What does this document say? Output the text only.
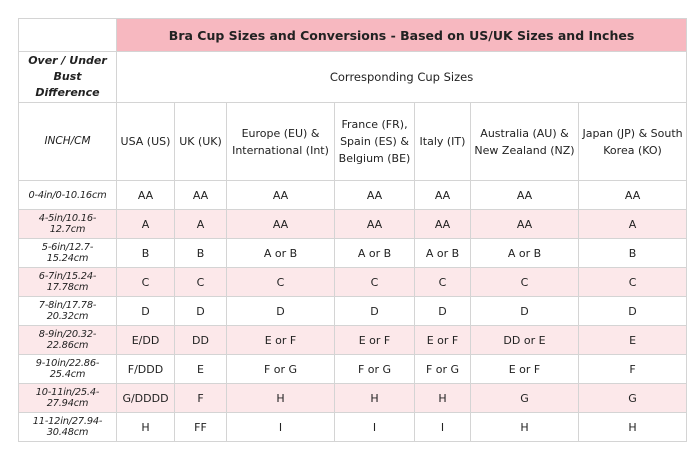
	Bra Cup Sizes and Conversions - Based on US/UK Sizes and Inches						
Over / Under Bust Difference	Corresponding Cup Sizes						
INCH/CM	USA (US)	UK (UK)	Europe (EU) & International (Int)	France (FR), Spain (ES) & Belgium (BE)	Italy (IT)	Australia (AU) & New Zealand (NZ)	Japan (JP) & South Korea (KO)
0-4in/0-10.16cm	AA	AA	AA	AA	AA	AA	AA
4-5in/10.16-12.7cm	A	A	AA	AA	AA	AA	A
5-6in/12.7-15.24cm	B	B	A or B	A or B	A or B	A or B	B
6-7in/15.24-17.78cm	C	C	C	C	C	C	C
7-8in/17.78-20.32cm	D	D	D	D	D	D	D
8-9in/20.32-22.86cm	E/DD	DD	E or F	E or F	E or F	DD or E	E
9-10in/22.86-25.4cm	F/DDD	E	F or G	F or G	F or G	E or F	F
10-11in/25.4-27.94cm	G/DDDD	F	H	H	H	G	G
11-12in/27.94-30.48cm	H	FF	I	I	I	H	H
